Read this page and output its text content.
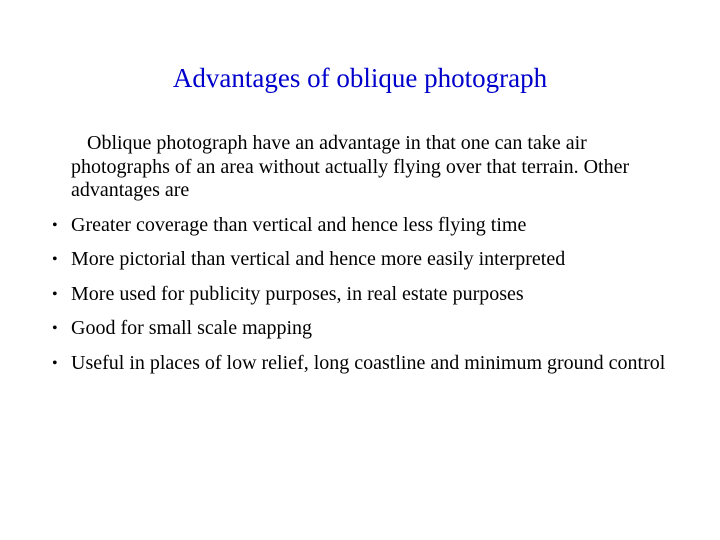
Advantages of oblique photograph
Oblique photograph have an advantage in that one can take air photographs of an area without actually flying over that terrain. Other advantages are
• Greater coverage than vertical and hence less flying time
• More pictorial than vertical and hence more easily interpreted
• More used for publicity purposes, in real estate purposes
• Good for small scale mapping
• Useful in places of low relief, long coastline and minimum ground control
